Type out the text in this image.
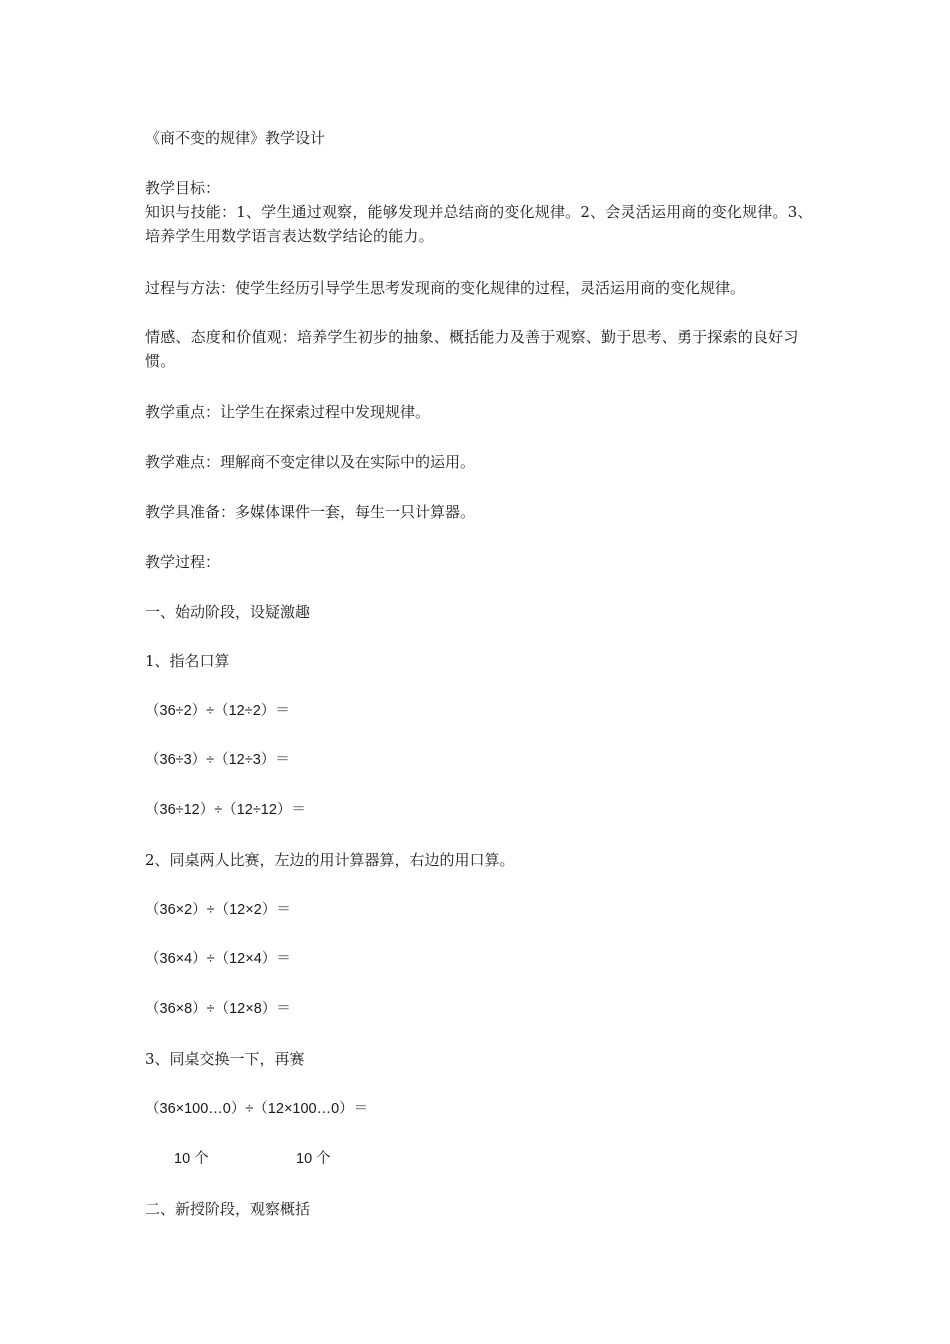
《商不变的规律》教学设计
教学目标：
知识与技能：1、学生通过观察，能够发现并总结商的变化规律。2、会灵活运用商的变化规律。3、培养学生用数学语言表达数学结论的能力。
过程与方法：使学生经历引导学生思考发现商的变化规律的过程，灵活运用商的变化规律。
情感、态度和价值观：培养学生初步的抽象、概括能力及善于观察、勤于思考、勇于探索的良好习惯。
教学重点：让学生在探索过程中发现规律。
教学难点：理解商不变定律以及在实际中的运用。
教学具准备：多媒体课件一套，每生一只计算器。
教学过程：
一、始动阶段，设疑激趣
1、指名口算
（36÷2）÷（12÷2）＝
（36÷3）÷（12÷3）＝
（36÷12）÷（12÷12）＝
2、同桌两人比赛，左边的用计算器算，右边的用口算。
（36×2）÷（12×2）＝
（36×4）÷（12×4）＝
（36×8）÷（12×8）＝
3、同桌交换一下，再赛
（36×100…0）÷（12×100…0）＝
10 个	10 个
二、新授阶段，观察概括
